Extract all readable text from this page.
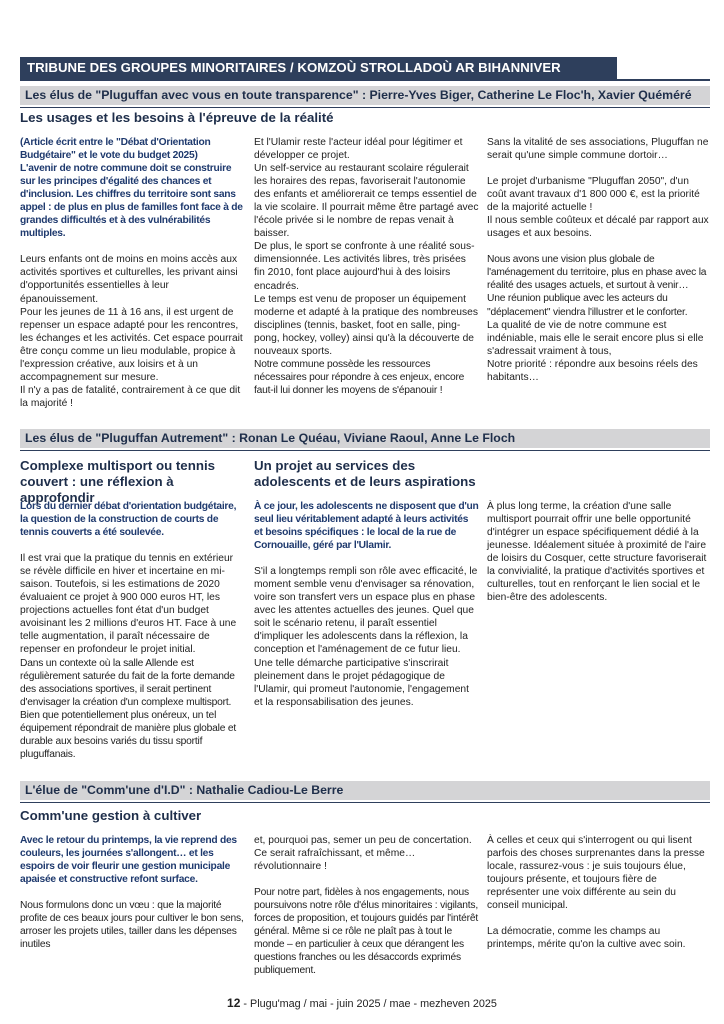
TRIBUNE DES GROUPES MINORITAIRES / KOMZOÙ STROLLADOÙ AR BIHANNIVER
Les élus de "Pluguffan avec vous en toute transparence" : Pierre-Yves Biger, Catherine Le Floc'h, Xavier Quéméré
Les usages et les besoins à l'épreuve de la réalité

(Article écrit entre le "Débat d'Orientation Budgétaire" et le vote du budget 2025)

L'avenir de notre commune doit se construire sur les principes d'égalité des chances et d'inclusion. Les chiffres du territoire sont sans appel : de plus en plus de familles font face à de grandes difficultés et à des vulnérabilités multiples.

Leurs enfants ont de moins en moins accès aux activités sportives et culturelles, les privant ainsi d'opportunités essentielles à leur épanouissement.

Pour les jeunes de 11 à 16 ans, il est urgent de repenser un espace adapté pour les rencontres, les échanges et les activités. Cet espace pourrait être conçu comme un lieu modulable, propice à l'expression créative, aux loisirs et à un accompagnement sur mesure.

Il n'y a pas de fatalité, contrairement à ce que dit la majorité !

Et l'Ulamir reste l'acteur idéal pour légitimer et développer ce projet.

Un self-service au restaurant scolaire régulerait les horaires des repas, favoriserait l'autonomie des enfants et améliorerait ce temps essentiel de la vie scolaire. Il pourrait même être partagé avec l'école privée si le nombre de repas venait à baisser.

De plus, le sport se confronte à une réalité sous-dimensionnée. Les activités libres, très prisées fin 2010, font place aujourd'hui à des loisirs encadrés.

Le temps est venu de proposer un équipement moderne et adapté à la pratique des nombreuses disciplines (tennis, basket, foot en salle, ping-pong, hockey, volley) ainsi qu'à la découverte de nouveaux sports.

Notre commune possède les ressources nécessaires pour répondre à ces enjeux, encore faut-il lui donner les moyens de s'épanouir !

Sans la vitalité de ses associations, Pluguffan ne serait qu'une simple commune dortoir…

Le projet d'urbanisme "Pluguffan 2050", d'un coût avant travaux d'1 800 000 €, est la priorité de la majorité actuelle !

Il nous semble coûteux et décalé par rapport aux usages et aux besoins.

Nous avons une vision plus globale de l'aménagement du territoire, plus en phase avec la réalité des usages actuels, et surtout à venir… Une réunion publique avec les acteurs du "déplacement" viendra l'illustrer et le conforter.

La qualité de vie de notre commune est indéniable, mais elle le serait encore plus si elle s'adressait vraiment à tous,

Notre priorité : répondre aux besoins réels des habitants…

Les élus de "Pluguffan Autrement" : Ronan Le Quéau, Viviane Raoul, Anne Le Floch
Complexe multisport ou tennis couvert : une réflexion à approfondir
Un projet au services des adolescents et de leurs aspirations

Lors du dernier débat d'orientation budgétaire, la question de la construction de courts de tennis couverts a été soulevée.

Il est vrai que la pratique du tennis en extérieur se révèle difficile en hiver et incertaine en mi-saison. Toutefois, si les estimations de 2020 évaluaient ce projet à 900 000 euros HT, les projections actuelles font état d'un budget avoisinant les 2 millions d'euros HT. Face à une telle augmentation, il paraît nécessaire de repenser en profondeur le projet initial.

Dans un contexte où la salle Allende est régulièrement saturée du fait de la forte demande des associations sportives, il serait pertinent d'envisager la création d'un complexe multisport. Bien que potentiellement plus onéreux, un tel équipement répondrait de manière plus globale et durable aux besoins variés du tissu sportif pluguffanais.

À ce jour, les adolescents ne disposent que d'un seul lieu véritablement adapté à leurs activités et besoins spécifiques : le local de la rue de Cornouaille, géré par l'Ulamir.

S'il a longtemps rempli son rôle avec efficacité, le moment semble venu d'envisager sa rénovation, voire son transfert vers un espace plus en phase avec les attentes actuelles des jeunes. Quel que soit le scénario retenu, il paraît essentiel d'impliquer les adolescents dans la réflexion, la conception et l'aménagement de ce futur lieu. Une telle démarche participative s'inscrirait pleinement dans le projet pédagogique de l'Ulamir, qui promeut l'autonomie, l'engagement et la responsabilisation des jeunes.

À plus long terme, la création d'une salle multisport pourrait offrir une belle opportunité d'intégrer un espace spécifiquement dédié à la jeunesse. Idéalement située à proximité de l'aire de loisirs du Cosquer, cette structure favoriserait la convivialité, la pratique d'activités sportives et culturelles, tout en renforçant le lien social et le bien-être des adolescents.

L'élue de "Comm'une d'I.D" : Nathalie Cadiou-Le Berre
Comm'une gestion à cultiver

Avec le retour du printemps, la vie reprend des couleurs, les journées s'allongent… et les espoirs de voir fleurir une gestion municipale apaisée et constructive refont surface.

Nous formulons donc un vœu : que la majorité profite de ces beaux jours pour cultiver le bon sens, arroser les projets utiles, tailler dans les dépenses inutiles

et, pourquoi pas, semer un peu de concertation. Ce serait rafraîchissant, et même… révolutionnaire !

Pour notre part, fidèles à nos engagements, nous poursuivons notre rôle d'élus minoritaires : vigilants, forces de proposition, et toujours guidés par l'intérêt général. Même si ce rôle ne plaît pas à tout le monde – en particulier à ceux que dérangent les questions franches ou les désaccords exprimés publiquement.

À celles et ceux qui s'interrogent ou qui lisent parfois des choses surprenantes dans la presse locale, rassurez-vous : je suis toujours élue, toujours présente, et toujours fière de représenter une voix différente au sein du conseil municipal.

La démocratie, comme les champs au printemps, mérite qu'on la cultive avec soin.

12 - Plugu'mag / mai - juin 2025 / mae - mezheven 2025
